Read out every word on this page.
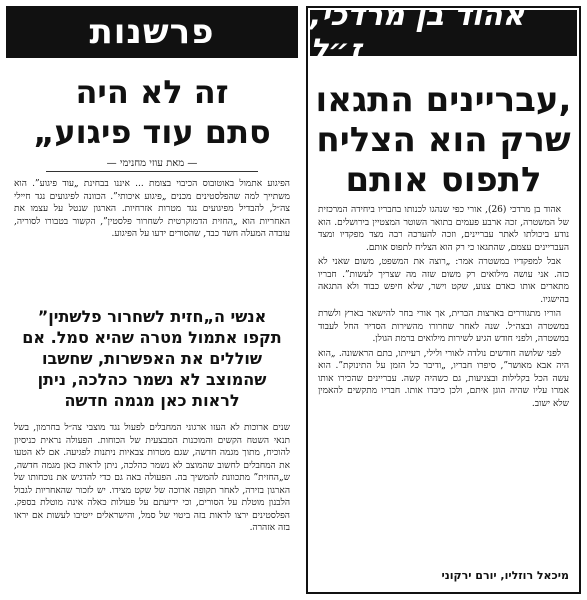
פרשנות
זה לא היה
„סתם עוד פיגוע
— מאת עוזי מחנימי —
הפיגוע אתמול באוטובוס הכיבוי בצומת ... איננו בבחינת „עוד פיגוע”. הוא משתייך למה שהפלסטינים מכנים „פיגוע איכותי”. הכוונה לפיגועים נגד חיילי צה״ל, להבדיל מפיגועים נגד מטרות אזרחיות. הארגון שנטל על עצמו את האחריות הוא „החזית הדמוקרטית לשחרור פלסטין”, הקשור בטבורו לסוריה, עובדה המעלה חשד כבד, שהסורים ידעו על הפיגוע.
אנשי ה„חזית לשחרור פלשתין” תקפו אתמול מטרה שהיא סמל. אם שוללים את האפשרות, שחשבו שהמוצב לא נשמר כהלכה, ניתן לראות כאן מגמה חדשה
שנים ארוכות לא העזו ארגוני המחבלים לפעול נגד מוצבי צה״ל בחרמון, בשל תנאי השטח הקשים והמוכנות המבצעית של הכוחות. הפעולה נראית כניסיון להוכיח, מתוך מגמה חדשה, שגם מטרות צבאיות ניתנות לפגיעה. אם לא הטעו את המחבלים לחשוב שהמוצב לא נשמר כהלכה, ניתן לראות כאן מגמה חדשה, ש„החזית” מתכוונת להמשיך בה. הפעולה באה גם כדי להדגיש את נוכחותו של הארגון בזירה, לאחר תקופה ארוכה של שקט מצידו. יש לזכור שהאחריות לגבול הלבנון מוטלת על הסורים, וכי ידיעתם על פעולות כאלה אינה מוטלת בספק. הפלסטינים ירצו לראות בזה ביטוי של סמל, והישראלים ייטיבו לעשות אם יראו בזה אזהרה.
אהוד בן מרדכי, ז״ל
עבריינים התגאו,
שרק הוא הצליח
לתפוס אותם

אהוד בן מרדכי (26), אורי כפי שנהגו לכנותו בחבריו ביחידה המרכזית של המשטרה, זכה ארבע פעמים בתואר השוטר המצטיין בירושלים. הוא נודע ביכולתו לאתר עבריינים, וזכה להערכה רבה מצד מפקדיו ומצד העבריינים עצמם, שהתגאו כי רק הוא הצליח לתפוס אותם.

אבל למפקדיו במשטרה אמר: „רוצה את המשפט, משום שאני לא כזה. אני עושה מילואים רק משום שזה מה שצריך לעשות”. חבריו מתארים אותו כאדם צנוע, שקט וישר, שלא חיפש כבוד ולא התגאה בהישגיו.

הוריו מתגוררים בארצות הברית, אך אורי בחר להישאר בארץ ולשרת במשטרה ובצה״ל. שנה לאחר שחרורו מהשירות הסדיר החל לעבוד במשטרה, ולפני חודש הגיע לשירות מילואים ברמת הגולן.

לפני שלושה חודשים נולדה לאורי ולילי, רעייתו, בתם הראשונה. „הוא היה אבא מאושר”, סיפרו חבריו, „ודיבר כל הזמן על התינוקת”. הוא עשה הכל בקלילות ובצניעות, גם כשהיה קשה. עבריינים שהכירו אותו אמרו עליו שהיה הוגן איתם, ולכן כיבדו אותו. חבריו מתקשים להאמין שלא ישוב.

מיכאל רוזליו, יורם ירקוני
